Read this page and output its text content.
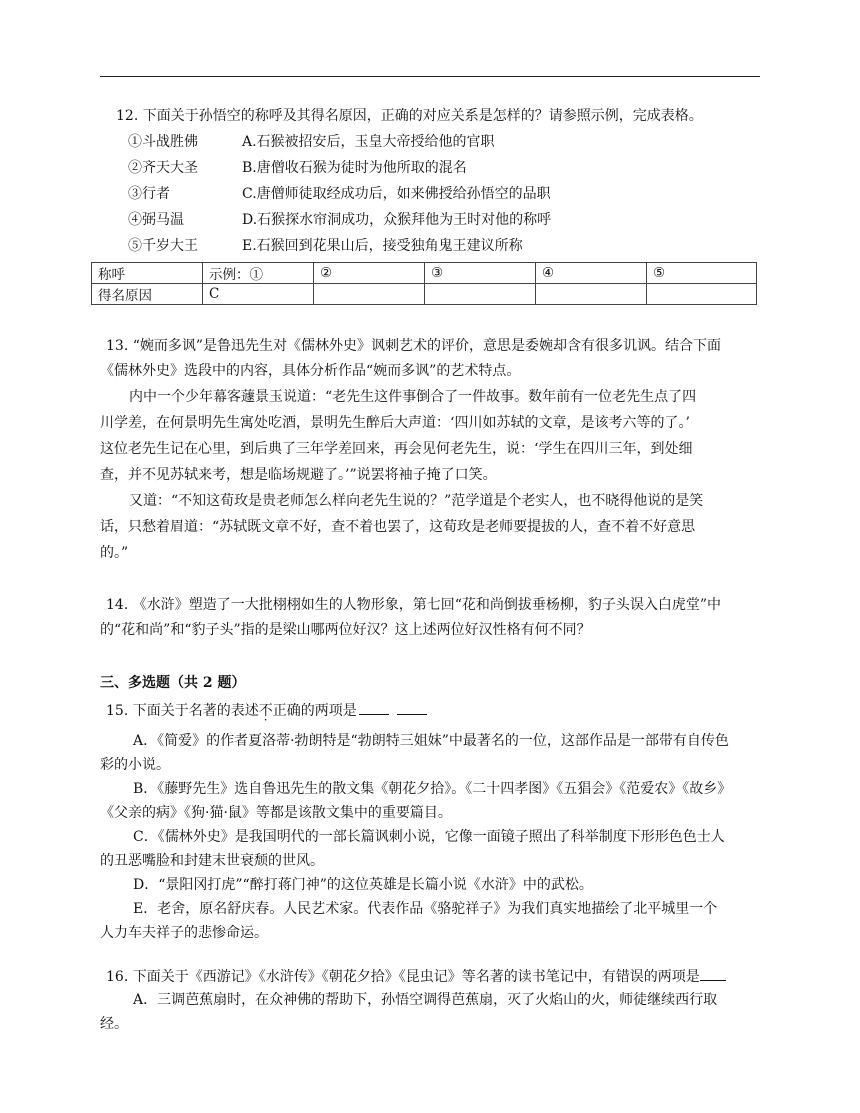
12. 下面关于孙悟空的称呼及其得名原因，正确的对应关系是怎样的？请参照示例，完成表格。
①斗战胜佛	A.石猴被招安后，玉皇大帝授给他的官职
②齐天大圣	B.唐僧收石猴为徒时为他所取的混名
③行者	C.唐僧师徒取经成功后，如来佛授给孙悟空的品职
④弼马温	D.石猴探水帘洞成功，众猴拜他为王时对他的称呼
⑤千岁大王	E.石猴回到花果山后，接受独角鬼王建议所称
称呼	示例：①	②	③	④	⑤
得名原因	C				
13. “婉而多讽”是鲁迅先生对《儒林外史》讽刺艺术的评价，意思是委婉却含有很多讥讽。结合下面
《儒林外史》选段中的内容，具体分析作品“婉而多讽”的艺术特点。
内中一个少年幕客蘧景玉说道：“老先生这件事倒合了一件故事。数年前有一位老先生点了四
川学差，在何景明先生寓处吃酒，景明先生醉后大声道：‘四川如苏轼的文章，是该考六等的了。’
这位老先生记在心里，到后典了三年学差回来，再会见何老先生，说：‘学生在四川三年，到处细
查，并不见苏轼来考，想是临场规避了。’”说罢将袖子掩了口笑。
又道：“不知这荀玫是贵老师怎么样向老先生说的？”范学道是个老实人，也不晓得他说的是笑
话，只愁着眉道：“苏轼既文章不好，查不着也罢了，这荀玫是老师要提拔的人，查不着不好意思
的。”
14. 《水浒》塑造了一大批栩栩如生的人物形象，第七回“花和尚倒拔垂杨柳，豹子头误入白虎堂”中
的“花和尚”和“豹子头”指的是梁山哪两位好汉？这上述两位好汉性格有何不同？
三、多选题（共 2 题）
15. 下面关于名著的表述不正确的两项是
A．《简爱》的作者夏洛蒂·勃朗特是“勃朗特三姐妹”中最著名的一位，这部作品是一部带有自传色
彩的小说。
B．《藤野先生》选自鲁迅先生的散文集《朝花夕拾》。《二十四孝图》《五猖会》《范爱农》《故乡》
《父亲的病》《狗·猫·鼠》等都是该散文集中的重要篇目。
C．《儒林外史》是我国明代的一部长篇讽刺小说，它像一面镜子照出了科举制度下形形色色士人
的丑恶嘴脸和封建末世衰颓的世风。
D．“景阳冈打虎”“醉打蒋门神”的这位英雄是长篇小说《水浒》中的武松。
E．老舍，原名舒庆春。人民艺术家。代表作品《骆驼祥子》为我们真实地描绘了北平城里一个
人力车夫祥子的悲惨命运。
16. 下面关于《西游记》《水浒传》《朝花夕拾》《昆虫记》等名著的读书笔记中，有错误的两项是
A．三调芭蕉扇时，在众神佛的帮助下，孙悟空调得芭蕉扇，灭了火焰山的火，师徒继续西行取
经。
